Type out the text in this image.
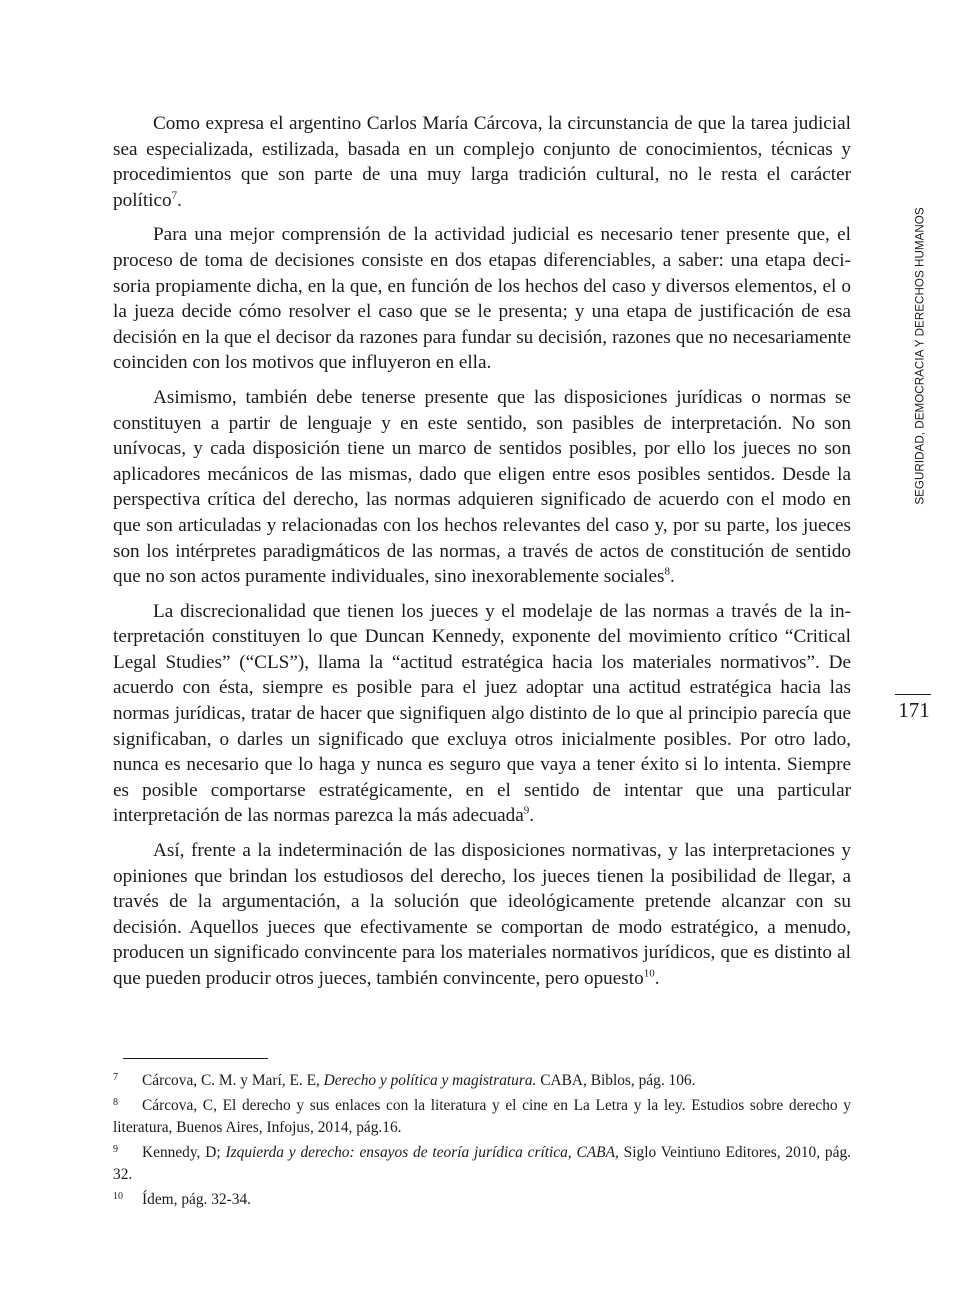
Como expresa el argentino Carlos María Cárcova, la circunstancia de que la tarea judicial sea especializada, estilizada, basada en un complejo conjunto de conocimientos, técnicas y procedimientos que son parte de una muy larga tradición cultural, no le resta el carácter político$^7$.

Para una mejor comprensión de la actividad judicial es necesario tener presente que, el proceso de toma de decisiones consiste en dos etapas diferenciables, a saber: una etapa decisoria propiamente dicha, en la que, en función de los hechos del caso y diversos elementos, el o la jueza decide cómo resolver el caso que se le presenta; y una etapa de justificación de esa decisión en la que el decisor da razones para fundar su decisión, razones que no necesariamente coinciden con los motivos que influyeron en ella.

Asimismo, también debe tenerse presente que las disposiciones jurídicas o normas se constituyen a partir de lenguaje y en este sentido, son pasibles de interpretación. No son unívocas, y cada disposición tiene un marco de sentidos posibles, por ello los jueces no son aplicadores mecánicos de las mismas, dado que eligen entre esos posibles sentidos. Desde la perspectiva crítica del derecho, las normas adquieren significado de acuerdo con el modo en que son articuladas y relacionadas con los hechos relevantes del caso y, por su parte, los jueces son los intérpretes paradigmáticos de las normas, a través de actos de constitución de sentido que no son actos puramente individuales, sino inexorablemente sociales$^8$.

La discrecionalidad que tienen los jueces y el modelaje de las normas a través de la interpretación constituyen lo que Duncan Kennedy, exponente del movimiento crítico “Critical Legal Studies” (“CLS”), llama la “actitud estratégica hacia los materiales normativos”. De acuerdo con ésta, siempre es posible para el juez adoptar una actitud estratégica hacia las normas jurídicas, tratar de hacer que signifiquen algo distinto de lo que al principio parecía que significaban, o darles un significado que excluya otros inicialmente posibles. Por otro lado, nunca es necesario que lo haga y nunca es seguro que vaya a tener éxito si lo intenta. Siempre es posible comportarse estratégicamente, en el sentido de intentar que una particular interpretación de las normas parezca la más adecuada$^9$.

Así, frente a la indeterminación de las disposiciones normativas, y las interpretaciones y opiniones que brindan los estudiosos del derecho, los jueces tienen la posibilidad de llegar, a través de la argumentación, a la solución que ideológicamente pretende alcanzar con su decisión. Aquellos jueces que efectivamente se comportan de modo estratégico, a menudo, producen un significado convincente para los materiales normativos jurídicos, que es distinto al que pueden producir otros jueces, también convincente, pero opuesto$^{10}$.

SEGURIDAD, DEMOCRACIA Y DERECHOS HUMANOS
171

7 Cárcova, C. M. y Marí, E. E, Derecho y política y magistratura. CABA, Biblos, pág. 106.

8 Cárcova, C, El derecho y sus enlaces con la literatura y el cine en La Letra y la ley. Estudios sobre derecho y literatura, Buenos Aires, Infojus, 2014, pág.16.

9 Kennedy, D; Izquierda y derecho: ensayos de teoría jurídica crítica, CABA, Siglo Veintiuno Editores, 2010, pág. 32.

10 Ídem, pág. 32-34.
